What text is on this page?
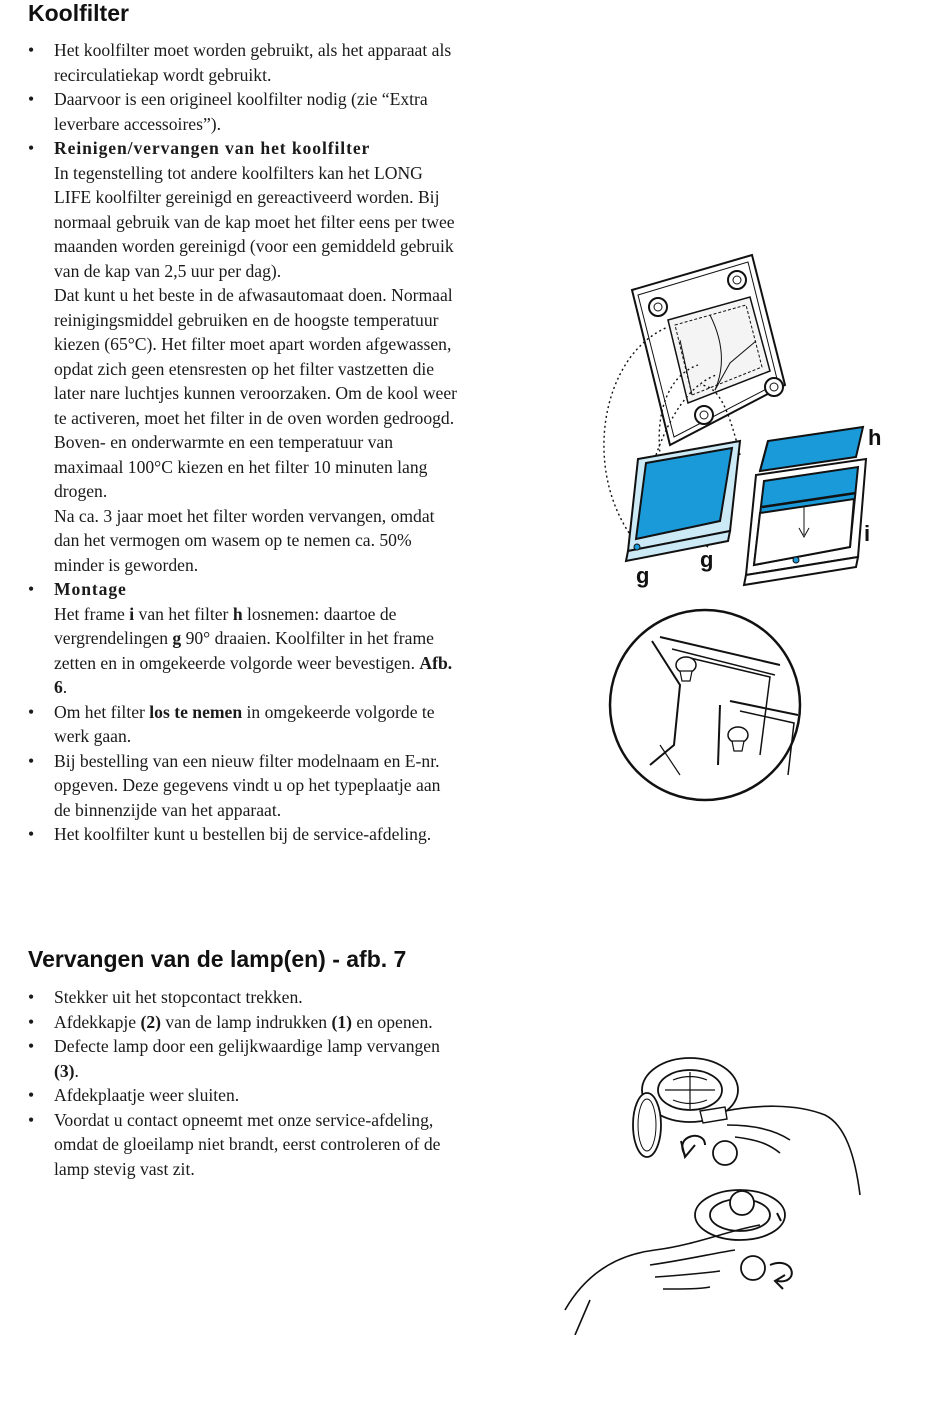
Koolfilter
• Het koolfilter moet worden gebruikt, als het apparaat als recirculatiekap wordt gebruikt.
• Daarvoor is een origineel koolfilter nodig (zie “Extra leverbare accessoires”).
• Reinigen/vervangen van het koolfilter
In tegenstelling tot andere koolfilters kan het LONG LIFE koolfilter gereinigd en gereactiveerd worden. Bij normaal gebruik van de kap moet het filter eens per twee maanden worden gereinigd (voor een gemiddeld gebruik van de kap van 2,5 uur per dag).
Dat kunt u het beste in de afwasautomaat doen. Normaal reinigingsmiddel gebruiken en de hoogste temperatuur kiezen (65°C). Het filter moet apart worden afgewassen, opdat zich geen etensresten op het filter vastzetten die later nare luchtjes kunnen veroorzaken. Om de kool weer te activeren, moet het filter in de oven worden gedroogd. Boven- en onderwarmte en een temperatuur van maximaal 100°C kiezen en het filter 10 minuten lang drogen.
Na ca. 3 jaar moet het filter worden vervangen, omdat dan het vermogen om wasem op te nemen ca. 50% minder is geworden.
• Montage
Het frame i van het filter h losnemen: daartoe de vergrendelingen g 90° draaien. Koolfilter in het frame zetten en in omgekeerde volgorde weer bevestigen. Afb. 6.
• Om het filter los te nemen in omgekeerde volgorde te werk gaan.
• Bij bestelling van een nieuw filter modelnaam en E-nr. opgeven. Deze gegevens vindt u op het typeplaatje aan de binnenzijde van het apparaat.
• Het koolfilter kunt u bestellen bij de service-afdeling.
Vervangen van de lamp(en) - afb. 7
• Stekker uit het stopcontact trekken.
• Afdekkapje (2) van de lamp indrukken (1) en openen.
• Defecte lamp door een gelijkwaardige lamp vervangen (3).
• Afdekplaatje weer sluiten.
• Voordat u contact opneemt met onze service-afdeling, omdat de gloeilamp niet brandt, eerst controleren of de lamp stevig vast zit.
h
i
g
g
